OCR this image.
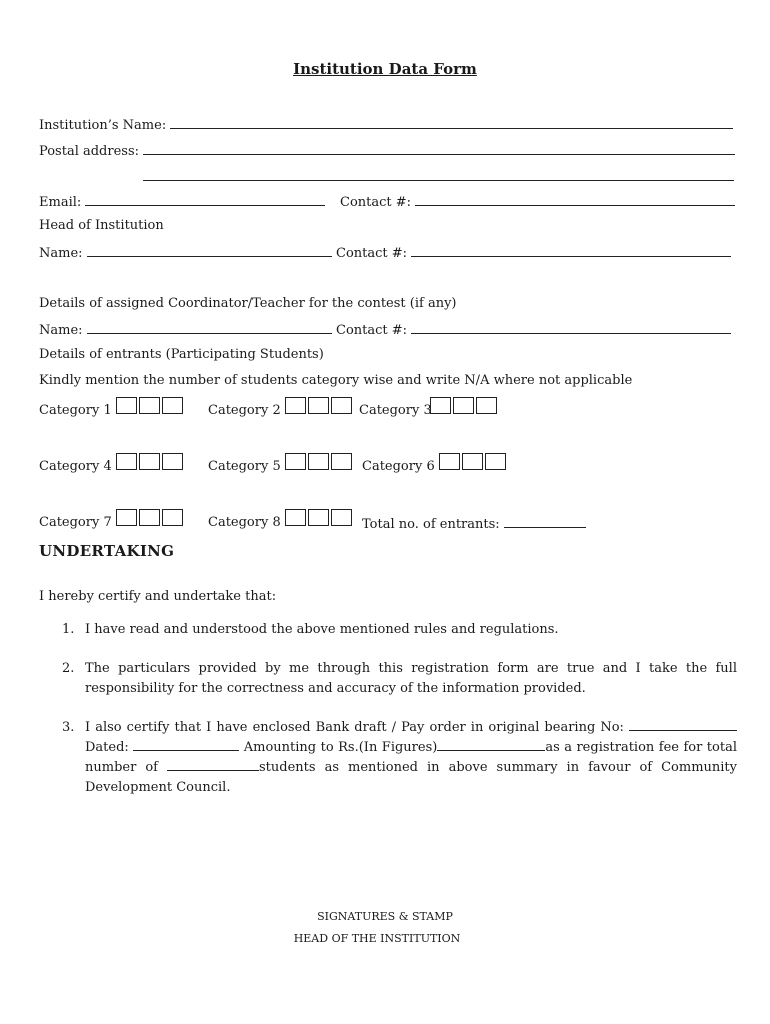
Institution Data Form
Institution’s Name:
Postal address:
Email:	Contact #:
Head of Institution
Name:	Contact #:
Details of assigned Coordinator/Teacher for the contest (if any)
Name:	Contact #:
Details of entrants (Participating Students)
Kindly mention the number of students category wise and write N/A where not applicable
Category 1	Category 2	Category 3
Category 4	Category 5	Category 6
Category 7	Category 8	Total no. of entrants:
UNDERTAKING
I hereby certify and undertake that:
1. I have read and understood the above mentioned rules and regulations.
2. The particulars provided by me through this registration form are true and I take the full responsibility for the correctness and accuracy of the information provided.
3. I also certify that I have enclosed Bank draft / Pay order in original bearing No:  Dated:	Amounting to Rs.(In Figures)	as a registration fee for total number of	students as mentioned in above summary in favour of Community Development Council.
SIGNATURES & STAMP
HEAD OF THE INSTITUTION
